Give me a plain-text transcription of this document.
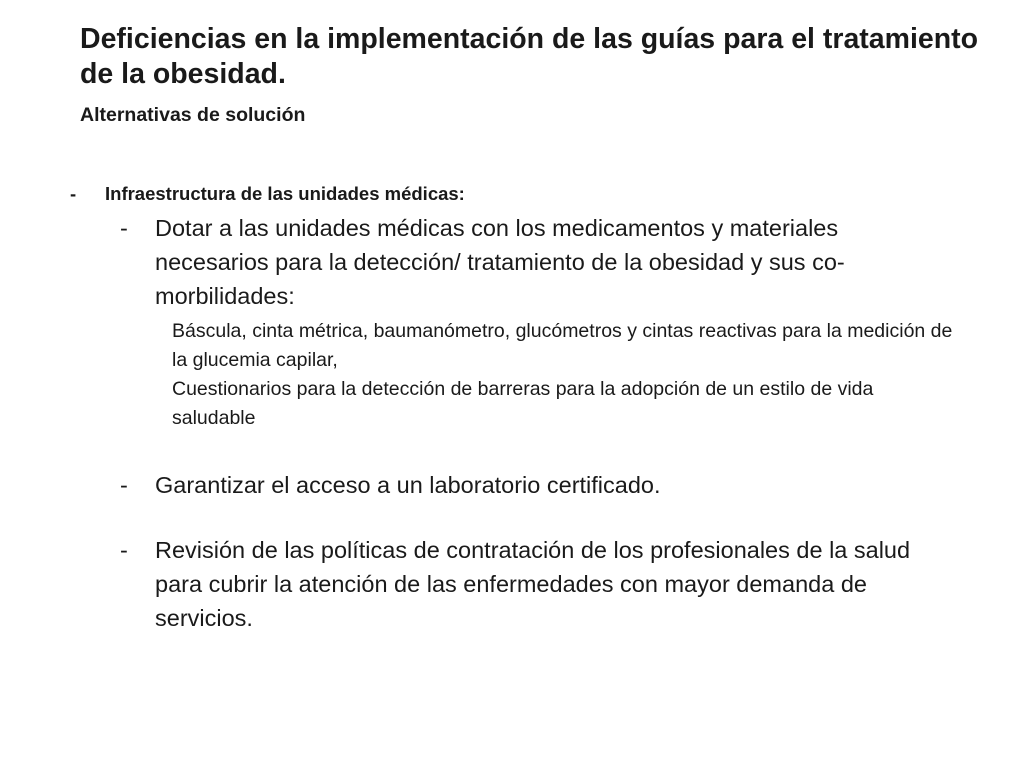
Deficiencias en la implementación de las guías para el tratamiento de la obesidad.
Alternativas de solución
- Infraestructura de las unidades médicas:
- Dotar a las unidades médicas con los medicamentos y materiales necesarios para la detección/ tratamiento de la obesidad y sus co-morbilidades:
Báscula, cinta métrica, baumanómetro, glucómetros y cintas reactivas para la medición de la glucemia capilar,
Cuestionarios para la detección de barreras para la adopción de un estilo de vida saludable
- Garantizar el acceso a un laboratorio certificado.
- Revisión de las políticas de contratación de los profesionales de la salud para cubrir la atención de las enfermedades con mayor demanda de servicios.
